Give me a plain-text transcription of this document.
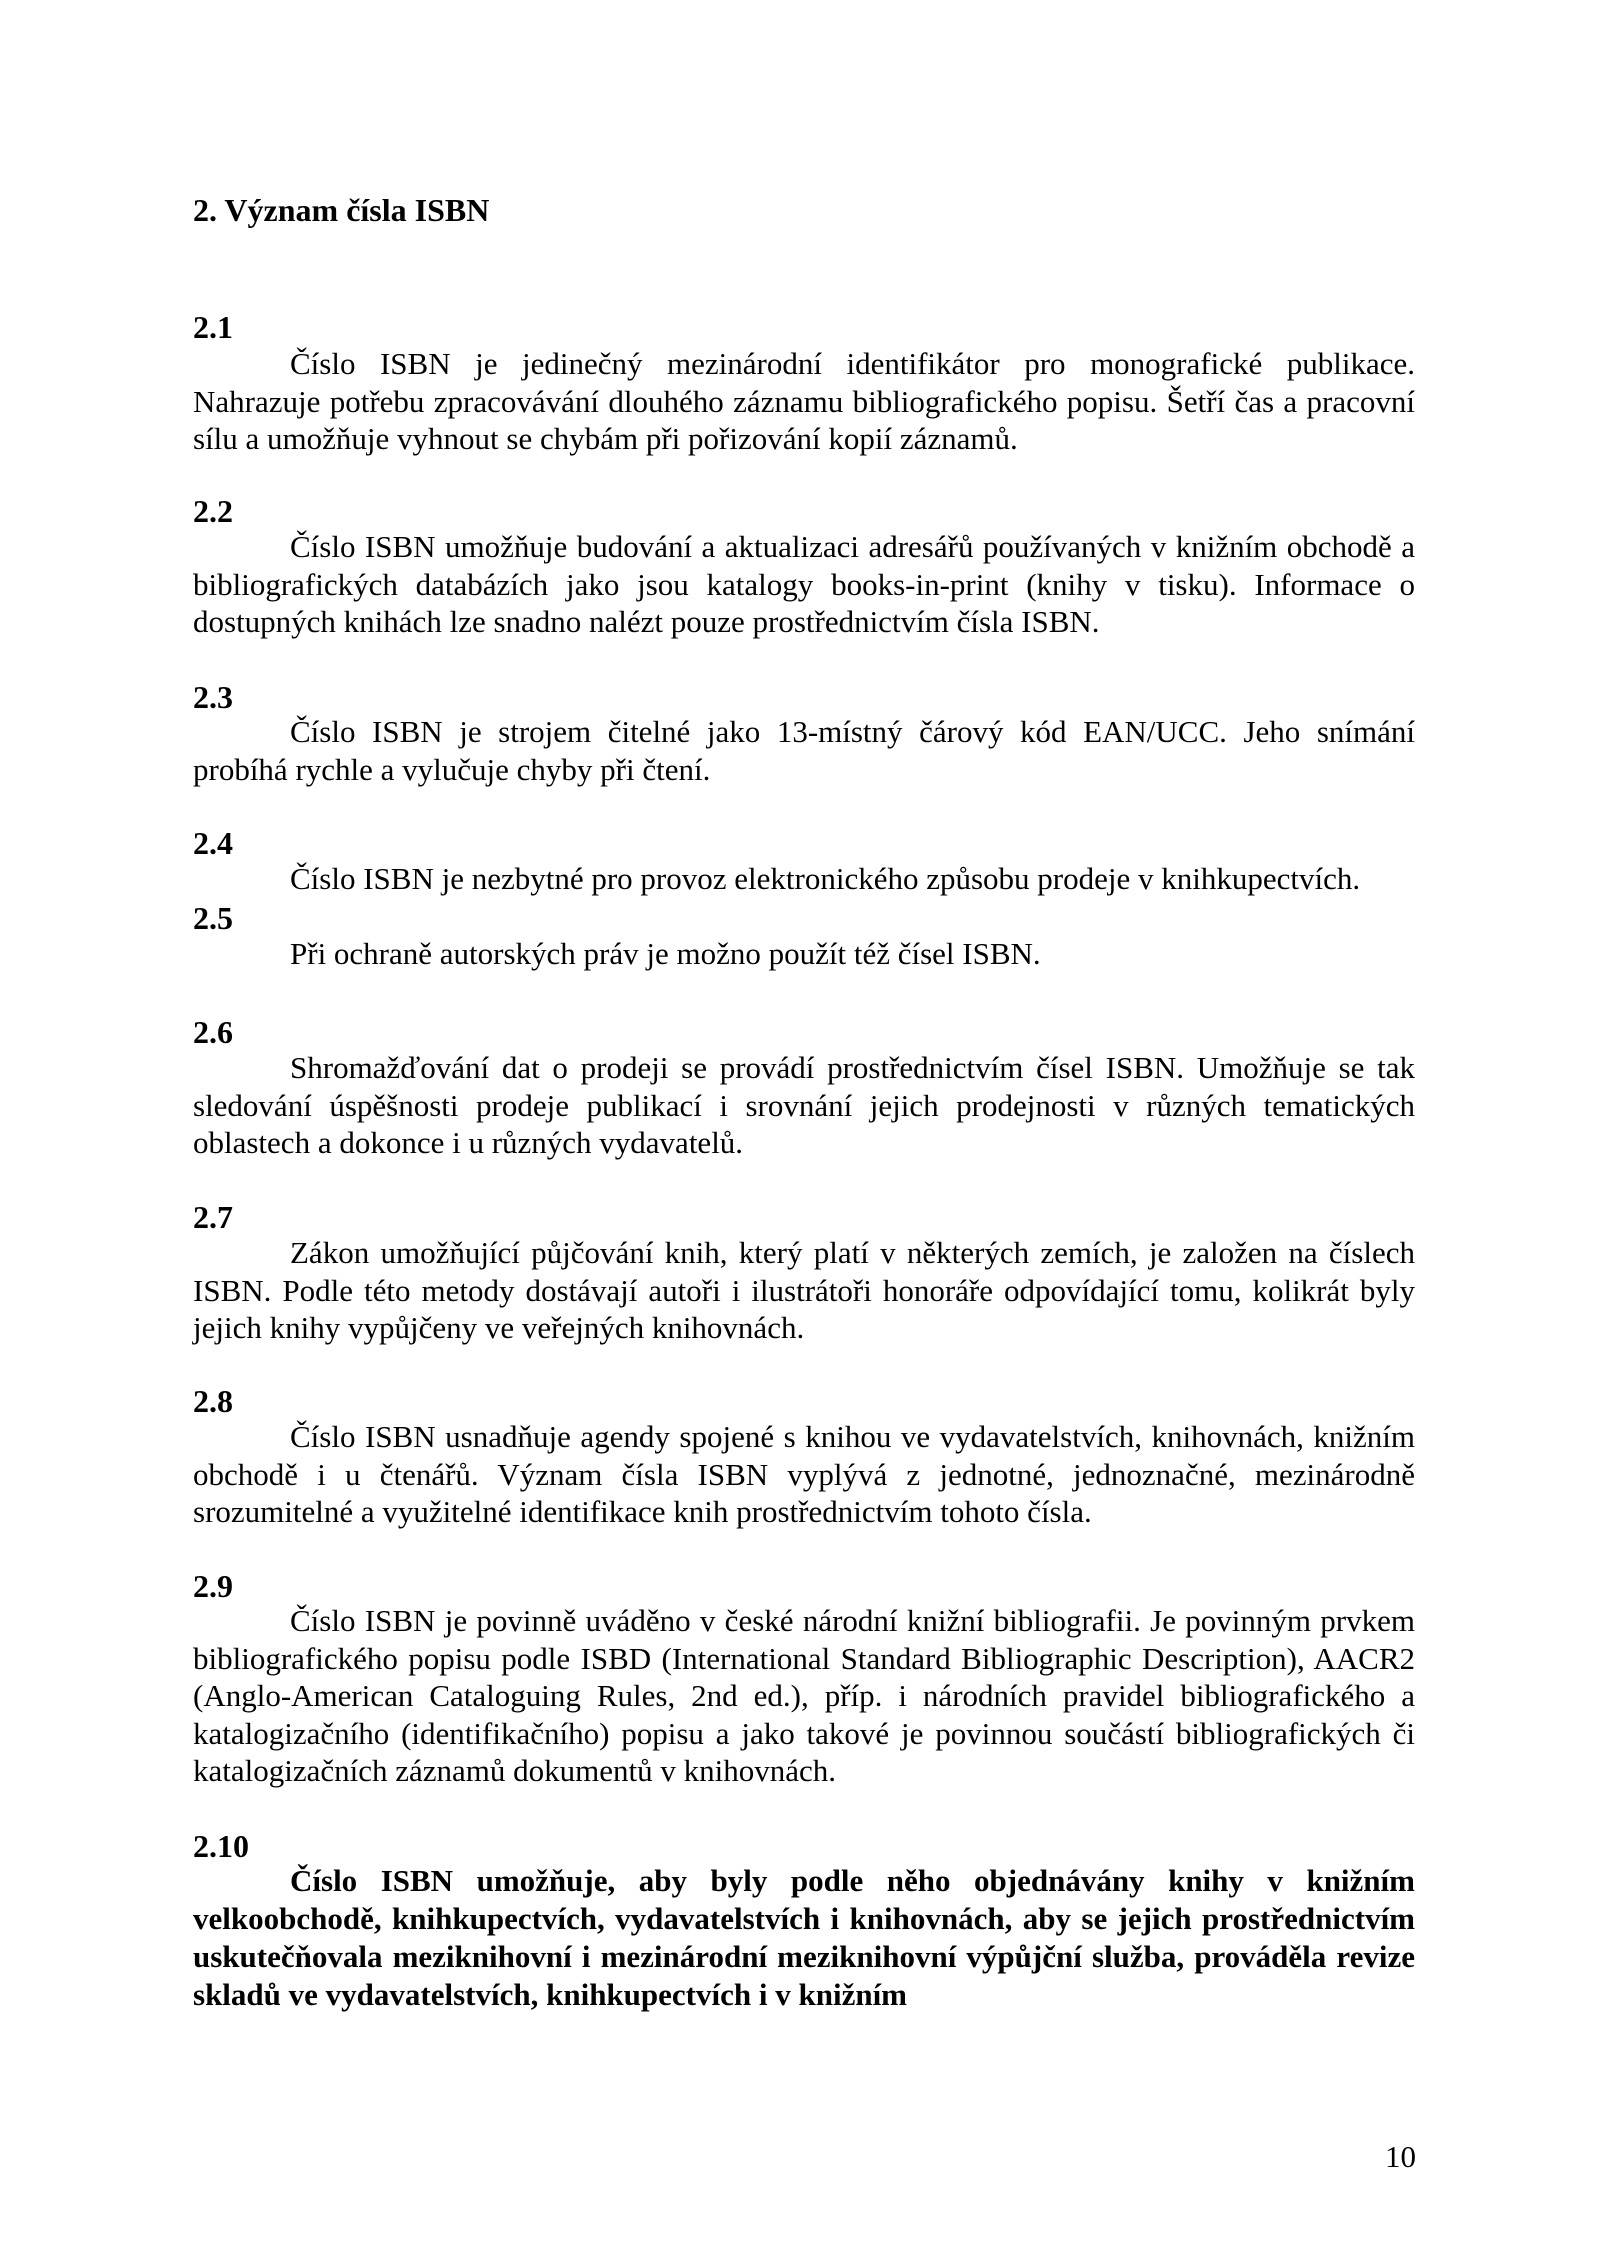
2. Význam čísla ISBN
2.1

Číslo ISBN je jedinečný mezinárodní identifikátor pro monografické publikace. Nahrazuje potřebu zpracovávání dlouhého záznamu bibliografického popisu. Šetří čas a pracovní sílu a umožňuje vyhnout se chybám při pořizování kopií záznamů.

2.2

Číslo ISBN umožňuje budování a aktualizaci adresářů používaných v knižním obchodě a bibliografických databázích jako jsou katalogy books-in-print (knihy v tisku). Informace o dostupných knihách lze snadno nalézt pouze prostřednictvím čísla ISBN.

2.3

Číslo ISBN je strojem čitelné jako 13-místný čárový kód EAN/UCC. Jeho snímání probíhá rychle a vylučuje chyby při čtení.

2.4

Číslo ISBN je nezbytné pro provoz elektronického způsobu prodeje v knihkupectvích.

2.5

Při ochraně autorských práv je možno použít též čísel ISBN.

2.6

Shromažďování dat o prodeji se provádí prostřednictvím čísel ISBN. Umožňuje se tak sledování úspěšnosti prodeje publikací i srovnání jejich prodejnosti v různých tematických oblastech a dokonce i u různých vydavatelů.

2.7

Zákon umožňující půjčování knih, který platí v některých zemích, je založen na číslech ISBN. Podle této metody dostávají autoři i ilustrátoři honoráře odpovídající tomu, kolikrát byly jejich knihy vypůjčeny ve veřejných knihovnách.

2.8

Číslo ISBN usnadňuje agendy spojené s knihou ve vydavatelstvích, knihovnách, knižním obchodě i u čtenářů. Význam čísla ISBN vyplývá z jednotné, jednoznačné, mezinárodně srozumitelné a využitelné identifikace knih prostřednictvím tohoto čísla.

2.9

Číslo ISBN je povinně uváděno v české národní knižní bibliografii. Je povinným prvkem bibliografického popisu podle ISBD (International Standard Bibliographic Description), AACR2 (Anglo-American Cataloguing Rules, 2nd ed.), příp. i národních pravidel bibliografického a katalogizačního (identifikačního) popisu a jako takové je povinnou součástí bibliografických či katalogizačních záznamů dokumentů v knihovnách.

2.10

Číslo ISBN umožňuje, aby byly podle něho objednávány knihy v knižním velkoobchodě, knihkupectvích, vydavatelstvích i knihovnách, aby se jejich prostřednictvím uskutečňovala meziknihovní i mezinárodní meziknihovní výpůjční služba, prováděla revize skladů ve vydavatelstvích, knihkupectvích i v knižním

10
